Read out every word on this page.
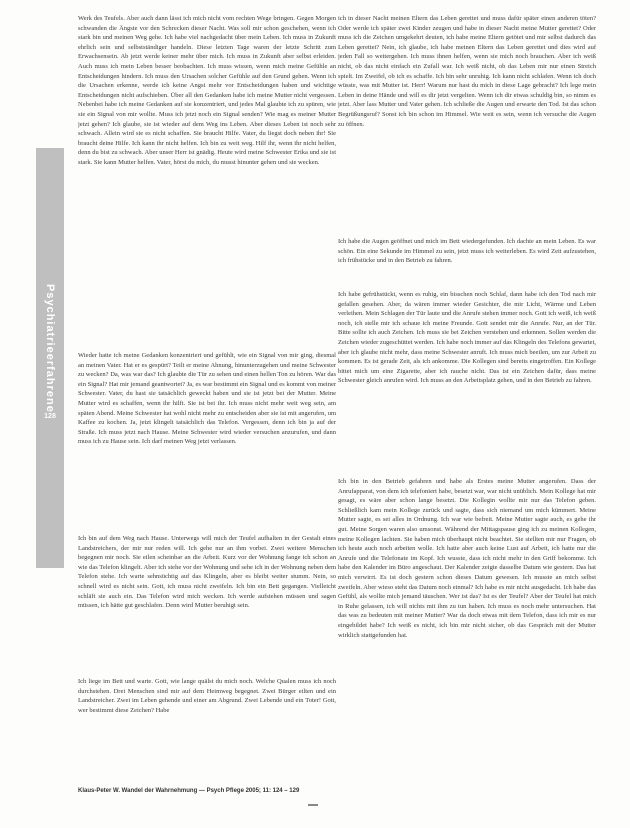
Psychiatrieerfahrene
128

Werk des Teufels. Aber auch dann lässt ich mich nicht vom rechten Wege bringen. Gegen Morgen schwanden die Ängste vor den Schrecken dieser Nacht. Was soll mir schon geschehen, wenn ich stark bin und meinen Weg gehe. Ich habe viel nachgedacht über mein Leben. Ich muss in Zukunft ehrlich sein und selbstständiger handeln. Diese letzten Tage waren der letzte Schritt zum Erwachsensein. Ab jetzt werde keiner mehr über mich. Ich muss in Zukunft aber selbst erleiden. Auch muss ich mein Leben besser beobachten. Ich muss wissen, wenn mich meine Gefühle an Entscheidungen hindern. Ich muss den Ursachen solcher Gefühle auf den Grund gehen. Wenn ich die Ursachen erkenne, werde ich keine Angst mehr vor Entscheidungen haben und wichtige Entscheidungen nicht aufschieben. Über all den Gedanken habe ich meine Mutter nicht vergessen. Nebenbei habe ich meine Gedanken auf sie konzentriert, und jedes Mal glaubte ich zu spüren, wie sie ein Signal von mir wollte. Muss ich jetzt noch ein Signal senden? Wie mag es meiner Mutter jetzt gehen? Ich glaube, sie ist wieder auf dem Weg ins Leben. Aber dieses Leben ist noch sehr schwach. Allein wird sie es nicht schaffen. Sie braucht Hilfe. Vater, du liegst doch neben ihr! Sie braucht deine Hilfe. Ich kann ihr nicht helfen. Ich bin zu weit weg. Hilf ihr, wenn ihr nicht helfen, denn du bist zu schwach. Aber unser Herr ist gnädig. Heute wird meine Schwester Erika und sie ist stark. Sie kann Mutter helfen. Vater, hörst du mich, du musst hinunter gehen und sie wecken.

Wieder hatte ich meine Gedanken konzentriert und gefühlt, wie ein Signal von mir ging, diesmal an meinen Vater. Hat er es gespürt? Teilt er meine Ahnung, hinunterzugehen und meine Schwester zu wecken? Da, was war das? Ich glaubte die Tür zu sehen und einen hellen Ton zu hören. War das ein Signal? Hat mir jemand geantwortet? Ja, es war bestimmt ein Signal und es kommt von meiner Schwester. Vater, du hast sie tatsächlich geweckt haben und sie ist jetzt bei der Mutter. Meine Mutter wird es schaffen, wenn ihr hilft. Sie ist bei ihr. Ich muss nicht mehr weit weg sein, am späten Abend. Meine Schwester hat wohl nicht mehr zu entscheiden aber sie ist mit angerufen, um Kaffee zu kochen. Ja, jetzt klingelt tatsächlich das Telefon. Vergessen, denn ich bin ja auf der Straße. Ich muss jetzt nach Hause. Meine Schwester wird wieder versuchen anzurufen, und dann muss ich zu Hause sein. Ich darf meinen Weg jetzt verlassen.

Ich bin auf dem Weg nach Hause. Unterwegs will mich der Teufel aufhalten in der Gestalt eines Landstreichers, der mir nur reden will. Ich gehe nur an ihm vorbei. Zwei weitere Menschen begegnen mir noch. Sie eilen scheinbar an die Arbeit. Kurz vor der Wohnung fange ich schon an wie das Telefon klingelt. Aber ich stehe vor der Wohnung und sehe ich in der Wohnung neben dem Telefon stehe. Ich warte sehnsüchtig auf das Klingeln, aber es bleibt weiter stumm. Nein, so schnell wird es nicht sein. Gott, ich muss nicht zweifeln. Ich bin ein Bett gegangen. Vielleicht schläft sie auch ein. Das Telefon wird mich wecken. Ich werde aufstehen müssen und sagen müssen, ich hätte gut geschlafen. Denn wird Mutter beruhigt sein.

Ich liege im Bett und warte. Gott, wie lange quälst du mich noch. Welche Qualen muss ich noch durchstehen. Drei Menschen sind mir auf dem Heimweg begegnet. Zwei Bürger eilten und ein Landstreicher. Zwei im Leben gehende und einer am Abgrund. Zwei Lebende und ein Toter! Gott, wer bestimmt diese Zeichen? Habe

ich in dieser Nacht meinen Eltern das Leben gerettet und muss dafür später einen anderen töten? Oder werde ich später zwei Kinder zeugen und habe in dieser Nacht meine Mutter gerettet? Oder muss ich die Zeichen umgekehrt deuten, ich habe meine Eltern getötet und mir selbst dadurch das Leben gerettet? Nein, ich glaube, ich habe meinen Eltern das Leben gerettet und dies wird auf jeden Fall so weitergehen. Ich muss ihnen helfen, wenn sie mich noch brauchen. Aber ich weiß nicht, ob das nicht einfach ein Zufall war. Ich weiß nicht, ob das Leben mir nur einen Streich spielt. Im Zweifel, ob ich es schaffe. Ich bin sehr unruhig. Ich kann nicht schlafen. Wenn ich doch wüsste, was mit Mutter ist. Herr! Warum nur hast du mich in diese Lage gebracht? Ich lege mein Leben in deine Hände und will es dir jetzt vergelten. Wenn ich dir etwas schuldig bin, so nimm es jetzt. Aber lass Mutter und Vater gehen. Ich schließe die Augen und erwarte den Tod. Ist das schon Begrüßungsruf? Sonst ich bin schon im Himmel. Wie weit es sein, wenn ich versuche die Augen zu öffnen.

Ich habe die Augen geöffnet und mich im Bett wiedergefunden. Ich dachte an mein Leben. Es war schön. Ein eine Sekunde im Himmel zu sein, jetzt muss ich weiterleben. Es wird Zeit aufzustehen, ich frühstücke und in den Betrieb zu fahren.

Ich habe gefrühstückt, wenn es ruhig, ein bisschen noch Schlaf, dann habe ich den Tod nach mir gefallen gesehen. Aber, da wären immer wieder Gesichter, die mir Licht, Wärme und Leben verleihen. Mein Schlagen der Tür laute und die Anrufe stehen immer noch. Gott ich weiß, ich weiß noch, ich stelle mir ich schaue ich meine Freunde. Gott sendet mir die Anrufe. Nur, an der Tür. Bitte sollte ich auch Zeichen. Ich muss sie bei Zeichen verstehen und erkennen. Sollen werden die Zeichen wieder zugeschüttet werden. Ich habe noch immer auf das Klingeln des Telefons gewartet, aber ich glaube nicht mehr, dass meine Schwester anruft. Ich muss mich beeilen, um zur Arbeit zu kommen. Es ist gerade Zeit, als ich ankomme. Die Kollegen sind bereits eingetroffen. Ein Kollege bittet mich um eine Zigarette, aber ich rauche nicht. Das ist ein Zeichen dafür, dass meine Schwester gleich anrufen wird. Ich muss an den Arbeitsplatz gehen, und in den Betrieb zu fahren.

Ich bin in den Betrieb gefahren und habe als Erstes meine Mutter angerufen. Dass der Anrufapparat, von dem ich telefoniert habe, besetzt war, war nicht unüblich. Mein Kollege hat mir gesagt, es wäre aber schon lange besetzt. Die Kollegin wollte mir nur das Telefon geben. Schließlich kam mein Kollege zurück und sagte, dass sich niemand um mich kümmert. Meine Mutter sagte, es sei alles in Ordnung. Ich war wie befreit. Meine Mutter sagte auch, es gehe ihr gut. Meine Sorgen waren also umsonst. Während der Mittagspause ging ich zu meinen Kollegen, meine Kollegen lachten. Sie haben mich überhaupt nicht beachtet. Sie stellten mir nur Fragen, ob ich heute auch noch arbeiten wolle. Ich hatte aber auch keine Lust auf Arbeit, ich hatte nur die Anrufe und die Telefonate im Kopf. Ich wusste, dass ich nicht mehr in den Griff bekomme. Ich habe den Kalender im Büro angeschaut. Der Kalender zeigte dasselbe Datum wie gestern. Das hat mich verwirrt. Es ist doch gestern schon dieses Datum gewesen. Ich musste an mich selbst zweifeln. Aber wieso steht das Datum noch einmal? Ich habe es mir nicht ausgedacht. Ich habe das Gefühl, als wollte mich jemand täuschen. Wer ist das? Ist es der Teufel? Aber der Teufel hat mich in Ruhe gelassen, ich will nichts mit ihm zu tun haben. Ich muss es noch mehr untersuchen. Hat das was zu bedeuten mit meiner Mutter? War da doch etwas mit dem Telefon, dass ich mir es nur eingebildet habe? Ich weiß es nicht, ich bin mir nicht sicher, ob das Gespräch mit der Mutter wirklich stattgefunden hat.

Klaus-Peter W. Wandel der Wahrnehmung — Psych Pflege 2005; 11: 124 – 129
